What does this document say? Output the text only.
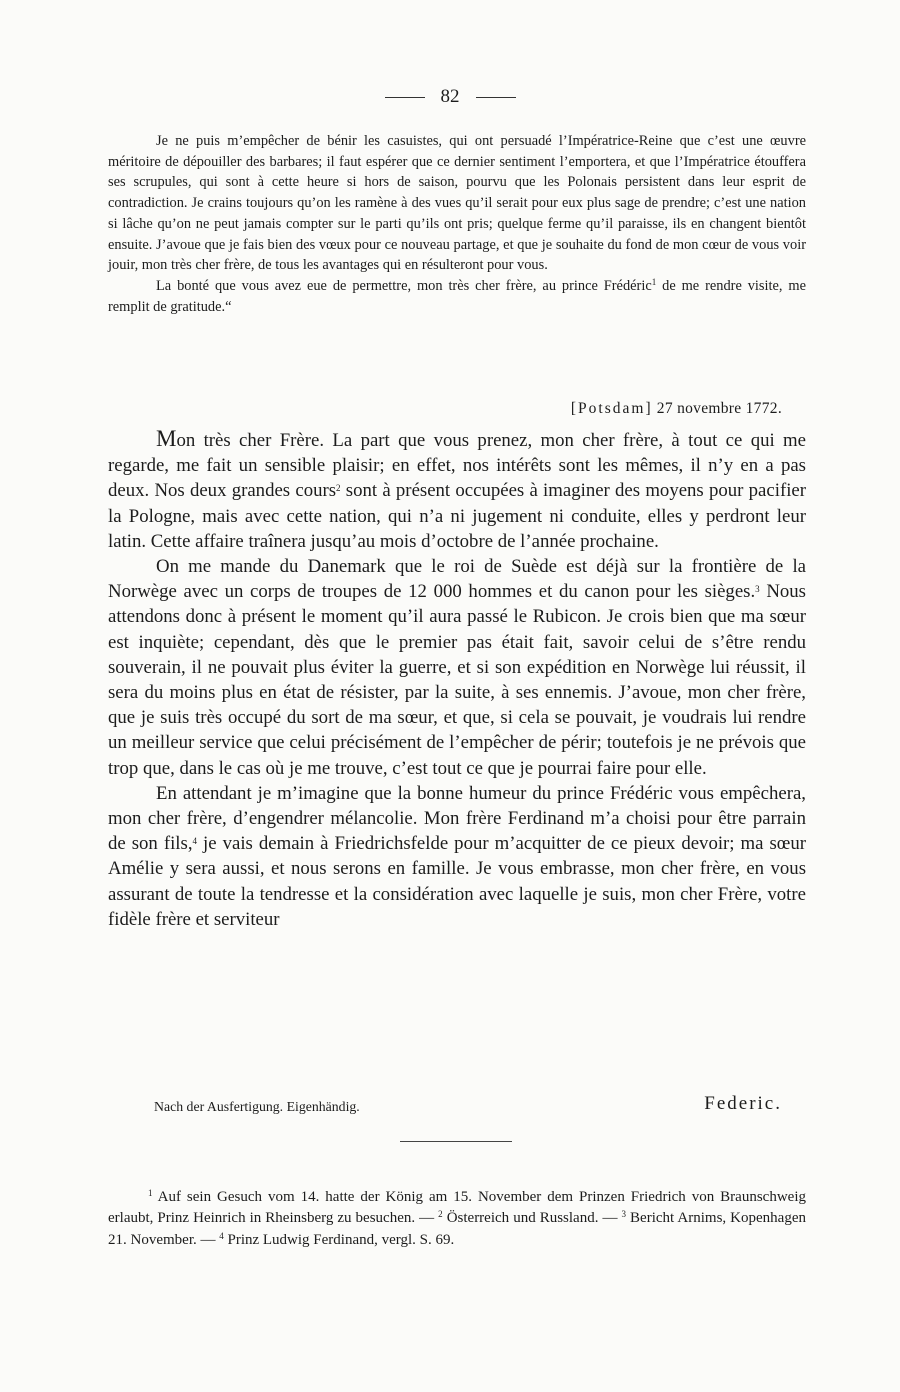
82

Je ne puis m’empêcher de bénir les casuistes, qui ont persuadé l’Impératrice-Reine que c’est une œuvre méritoire de dépouiller des barbares; il faut espérer que ce dernier sentiment l’emportera, et que l’Impératrice étouffera ses scrupules, qui sont à cette heure si hors de saison, pourvu que les Polonais persistent dans leur esprit de contradiction. Je crains toujours qu’on les ramène à des vues qu’il serait pour eux plus sage de prendre; c’est une nation si lâche qu’on ne peut jamais compter sur le parti qu’ils ont pris; quelque ferme qu’il paraisse, ils en changent bientôt ensuite. J’avoue que je fais bien des vœux pour ce nouveau partage, et que je souhaite du fond de mon cœur de vous voir jouir, mon très cher frère, de tous les avantages qui en résulteront pour vous.

La bonté que vous avez eue de permettre, mon très cher frère, au prince Frédéric$^1$ de me rendre visite, me remplit de gratitude.“

[Potsdam] 27 novembre 1772.

Mon très cher Frère. La part que vous prenez, mon cher frère, à tout ce qui me regarde, me fait un sensible plaisir; en effet, nos intérêts sont les mêmes, il n’y en a pas deux. Nos deux grandes cours$^2$ sont à présent occupées à imaginer des moyens pour pacifier la Pologne, mais avec cette nation, qui n’a ni jugement ni conduite, elles y perdront leur latin. Cette affaire traînera jusqu’au mois d’octobre de l’année prochaine.

On me mande du Danemark que le roi de Suède est déjà sur la frontière de la Norwège avec un corps de troupes de 12 000 hommes et du canon pour les sièges.$^3$ Nous attendons donc à présent le moment qu’il aura passé le Rubicon. Je crois bien que ma sœur est inquiète; cependant, dès que le premier pas était fait, savoir celui de s’être rendu souverain, il ne pouvait plus éviter la guerre, et si son expédition en Norwège lui réussit, il sera du moins plus en état de résister, par la suite, à ses ennemis. J’avoue, mon cher frère, que je suis très occupé du sort de ma sœur, et que, si cela se pouvait, je voudrais lui rendre un meilleur service que celui précisément de l’empêcher de périr; toutefois je ne prévois que trop que, dans le cas où je me trouve, c’est tout ce que je pourrai faire pour elle.

En attendant je m’imagine que la bonne humeur du prince Frédéric vous empêchera, mon cher frère, d’engendrer mélancolie. Mon frère Ferdinand m’a choisi pour être parrain de son fils,$^4$ je vais demain à Friedrichsfelde pour m’acquitter de ce pieux devoir; ma sœur Amélie y sera aussi, et nous serons en famille. Je vous embrasse, mon cher frère, en vous assurant de toute la tendresse et la considération avec laquelle je suis, mon cher Frère, votre fidèle frère et serviteur

Nach der Ausfertigung. Eigenhändig.	Federic.

$^1$ Auf sein Gesuch vom 14. hatte der König am 15. November dem Prinzen Friedrich von Braunschweig erlaubt, Prinz Heinrich in Rheinsberg zu besuchen. — $^2$ Österreich und Russland. — $^3$ Bericht Arnims, Kopenhagen 21. November. — $^4$ Prinz Ludwig Ferdinand, vergl. S. 69.
